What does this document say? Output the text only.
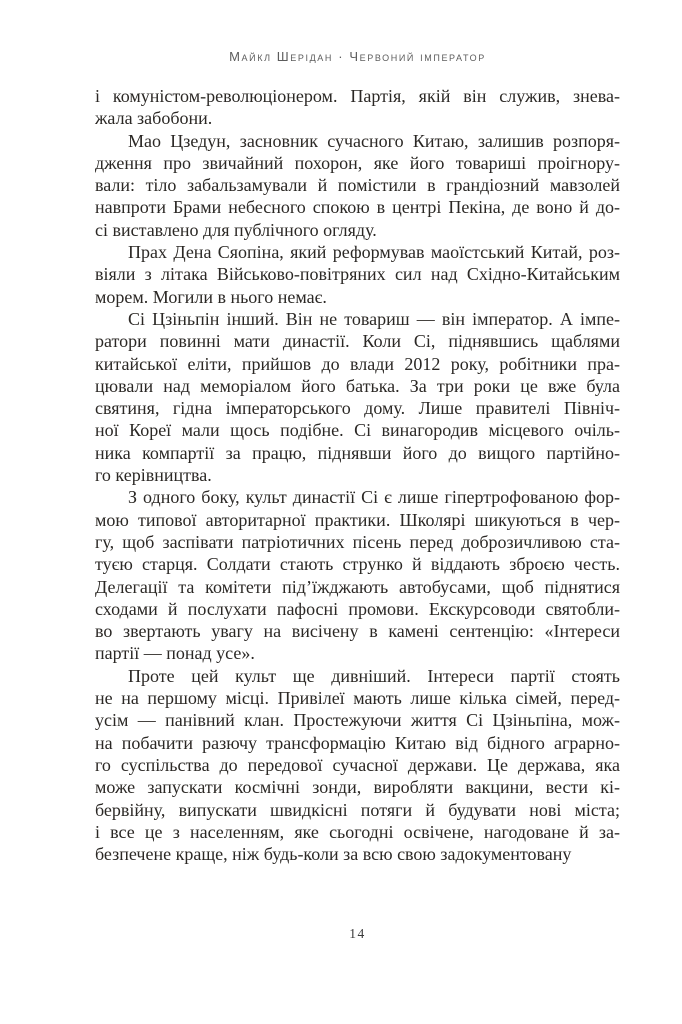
Майкл Шерідан · Червоний імператор
і комуністом-революціонером. Партія, якій він служив, знева-
жала забобони.
Мао Цзедун, засновник сучасного Китаю, залишив розпоря-
дження про звичайний похорон, яке його товариші проігнору-
вали: тіло забальзамували й помістили в грандіозний мавзолей
навпроти Брами небесного спокою в центрі Пекіна, де воно й до-
сі виставлено для публічного огляду.
Прах Дена Сяопіна, який реформував маоїстський Китай, роз-
віяли з літака Військово-повітряних сил над Східно-Китайським
морем. Могили в нього немає.
Сі Цзіньпін інший. Він не товариш — він імператор. А імпе-
ратори повинні мати династії. Коли Сі, піднявшись щаблями
китайської еліти, прийшов до влади 2012 року, робітники пра-
цювали над меморіалом його батька. За три роки це вже була
святиня, гідна імператорського дому. Лише правителі Північ-
ної Кореї мали щось подібне. Сі винагородив місцевого очіль-
ника компартії за працю, піднявши його до вищого партійно-
го керівництва.
З одного боку, культ династії Сі є лише гіпертрофованою фор-
мою типової авторитарної практики. Школярі шикуються в чер-
гу, щоб заспівати патріотичних пісень перед доброзичливою ста-
туєю старця. Солдати стають струнко й віддають зброєю честь.
Делегації та комітети під’їжджають автобусами, щоб піднятися
сходами й послухати пафосні промови. Екскурсоводи святобли-
во звертають увагу на висічену в камені сентенцію: «Інтереси
партії — понад усе».
Проте цей культ ще дивніший. Інтереси партії стоять
не на першому місці. Привілеї мають лише кілька сімей, перед-
усім — панівний клан. Простежуючи життя Сі Цзіньпіна, мож-
на побачити разючу трансформацію Китаю від бідного аграрно-
го суспільства до передової сучасної держави. Це держава, яка
може запускати космічні зонди, виробляти вакцини, вести кі-
бервійну, випускати швидкісні потяги й будувати нові міста;
і все це з населенням, яке сьогодні освічене, нагодоване й за-
безпечене краще, ніж будь-коли за всю свою задокументовану
14
